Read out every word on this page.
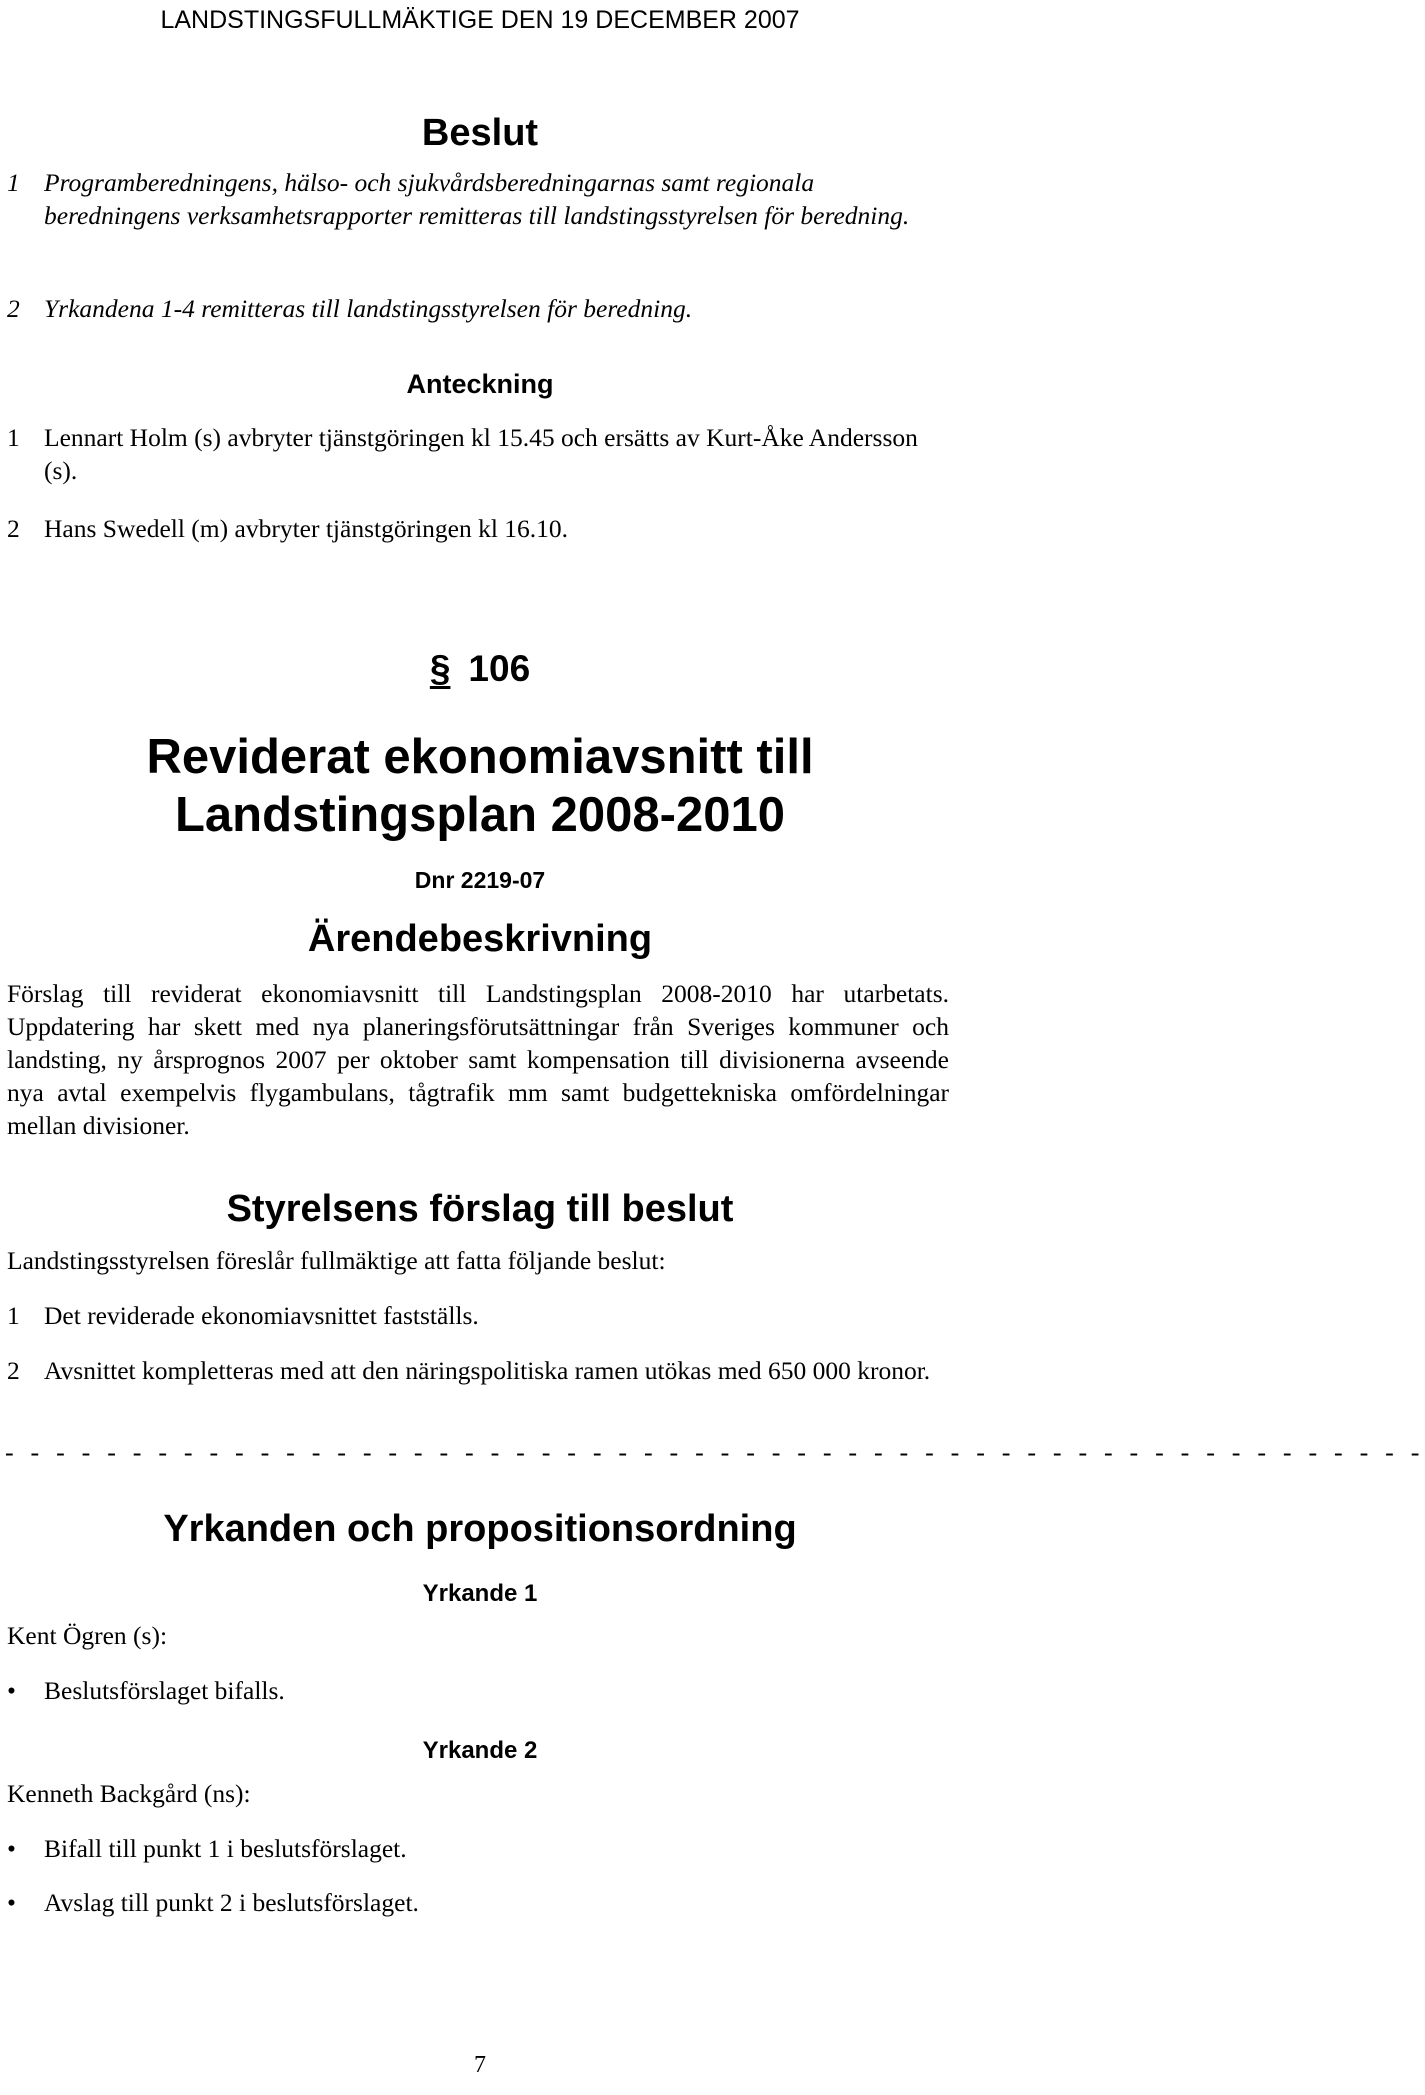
LANDSTINGSFULLMÄKTIGE DEN 19 DECEMBER 2007
Beslut
1 Programberedningens, hälso- och sjukvårdsberedningarnas samt regionala beredningens verksamhetsrapporter remitteras till landstingsstyrelsen för beredning.
2 Yrkandena 1-4 remitteras till landstingsstyrelsen för beredning.
Anteckning
1 Lennart Holm (s) avbryter tjänstgöringen kl 15.45 och ersätts av Kurt-Åke Andersson (s).
2 Hans Swedell (m) avbryter tjänstgöringen kl 16.10.
§ 106
Reviderat ekonomiavsnitt till
Landstingsplan 2008-2010
Dnr 2219-07
Ärendebeskrivning
Förslag till reviderat ekonomiavsnitt till Landstingsplan 2008-2010 har utarbetats. Uppdatering har skett med nya planeringsförutsättningar från Sveriges kommuner och landsting, ny årsprognos 2007 per oktober samt kompensation till divisionerna avseende nya avtal exempelvis flygambulans, tågtrafik mm samt budgettekniska omfördelningar mellan divisioner.
Styrelsens förslag till beslut
Landstingsstyrelsen föreslår fullmäktige att fatta följande beslut:
1 Det reviderade ekonomiavsnittet fastställs.
2 Avsnittet kompletteras med att den näringspolitiska ramen utökas med 650 000 kronor.
- - - - - - - - - - - - - - - - - - - - - - - - - - - - - - - - - - - - - - - - - - - - - - - - - - - - - - - -
Yrkanden och propositionsordning
Yrkande 1
Kent Ögren (s):
• Beslutsförslaget bifalls.
Yrkande 2
Kenneth Backgård (ns):
• Bifall till punkt 1 i beslutsförslaget.
• Avslag till punkt 2 i beslutsförslaget.
7
